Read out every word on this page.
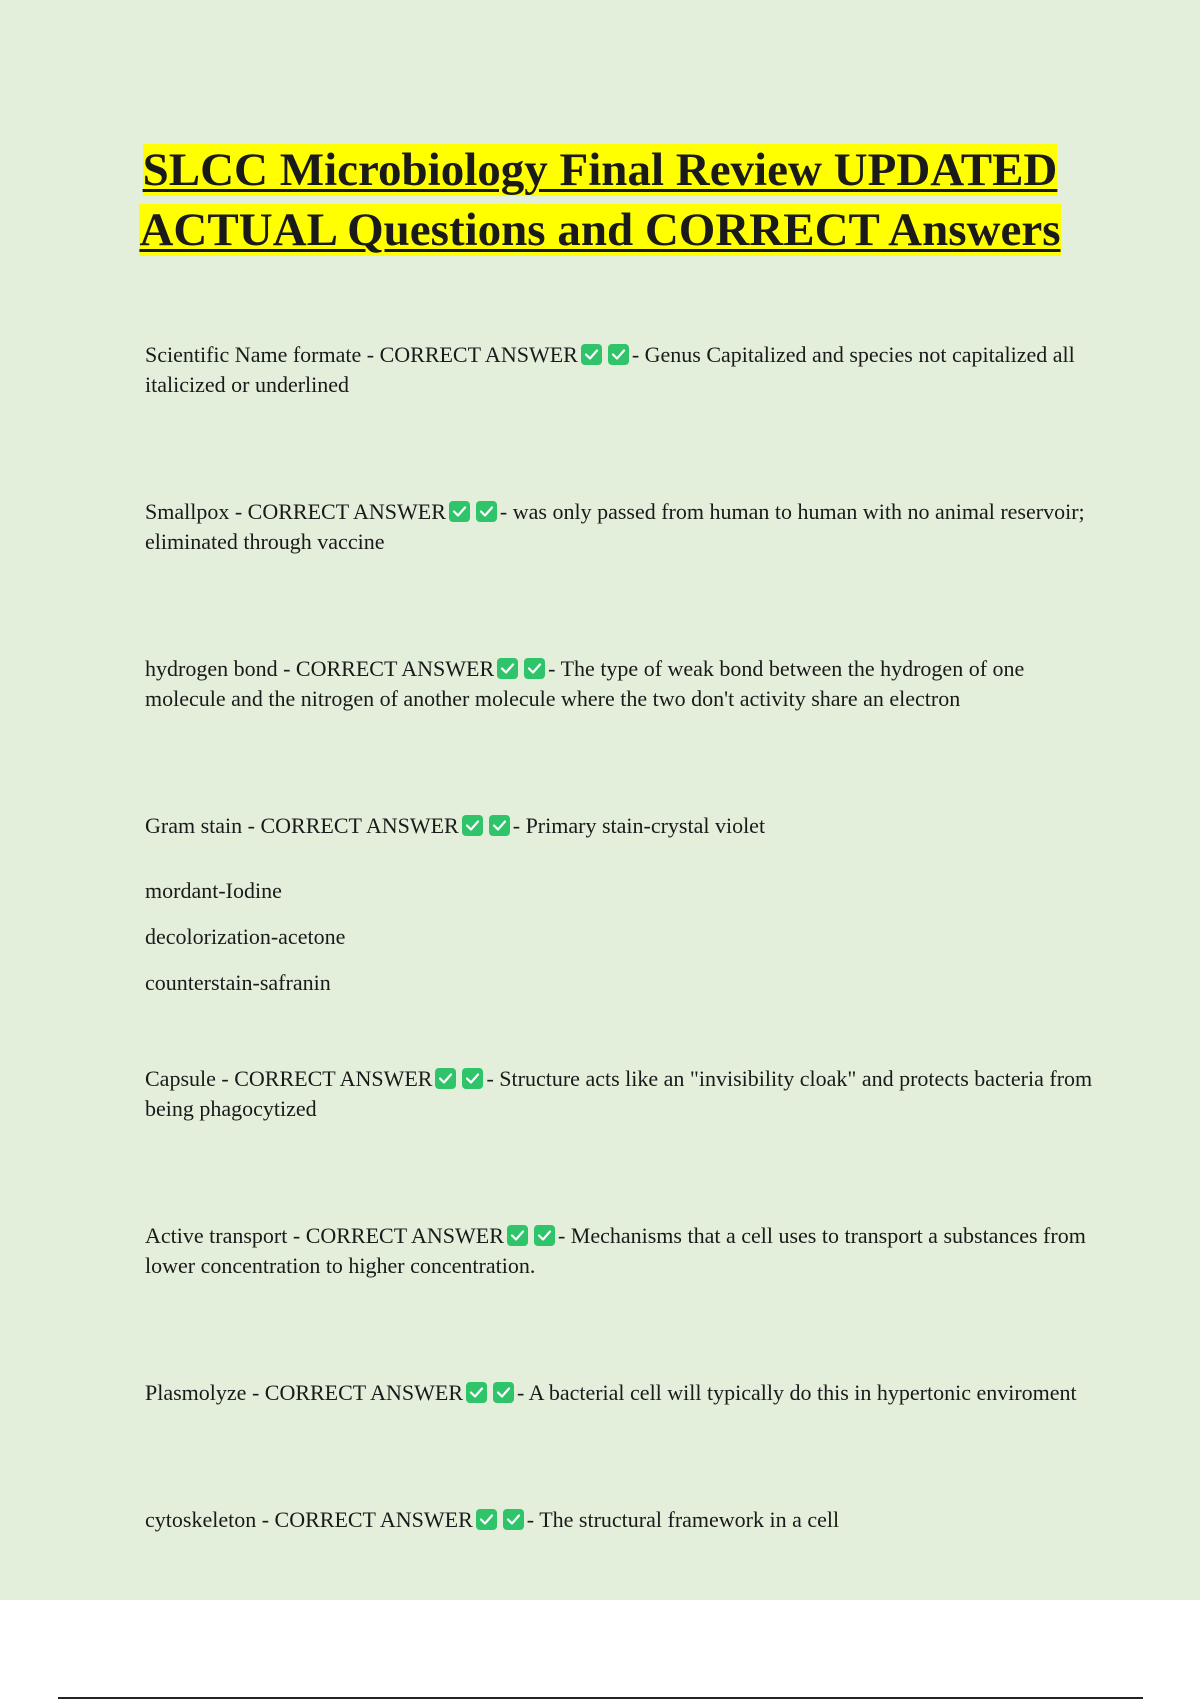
SLCC Microbiology Final Review UPDATED ACTUAL Questions and CORRECT Answers

Scientific Name formate - CORRECT ANSWER - Genus Capitalized and species not capitalized all italicized or underlined

Smallpox - CORRECT ANSWER - was only passed from human to human with no animal reservoir; eliminated through vaccine

hydrogen bond - CORRECT ANSWER - The type of weak bond between the hydrogen of one molecule and the nitrogen of another molecule where the two don't activity share an electron

Gram stain - CORRECT ANSWER - Primary stain-crystal violet

mordant-Iodine

decolorization-acetone

counterstain-safranin

Capsule - CORRECT ANSWER - Structure acts like an "invisibility cloak" and protects bacteria from being phagocytized

Active transport - CORRECT ANSWER - Mechanisms that a cell uses to transport a substances from lower concentration to higher concentration.

Plasmolyze - CORRECT ANSWER - A bacterial cell will typically do this in hypertonic enviroment

cytoskeleton - CORRECT ANSWER - The structural framework in a cell
